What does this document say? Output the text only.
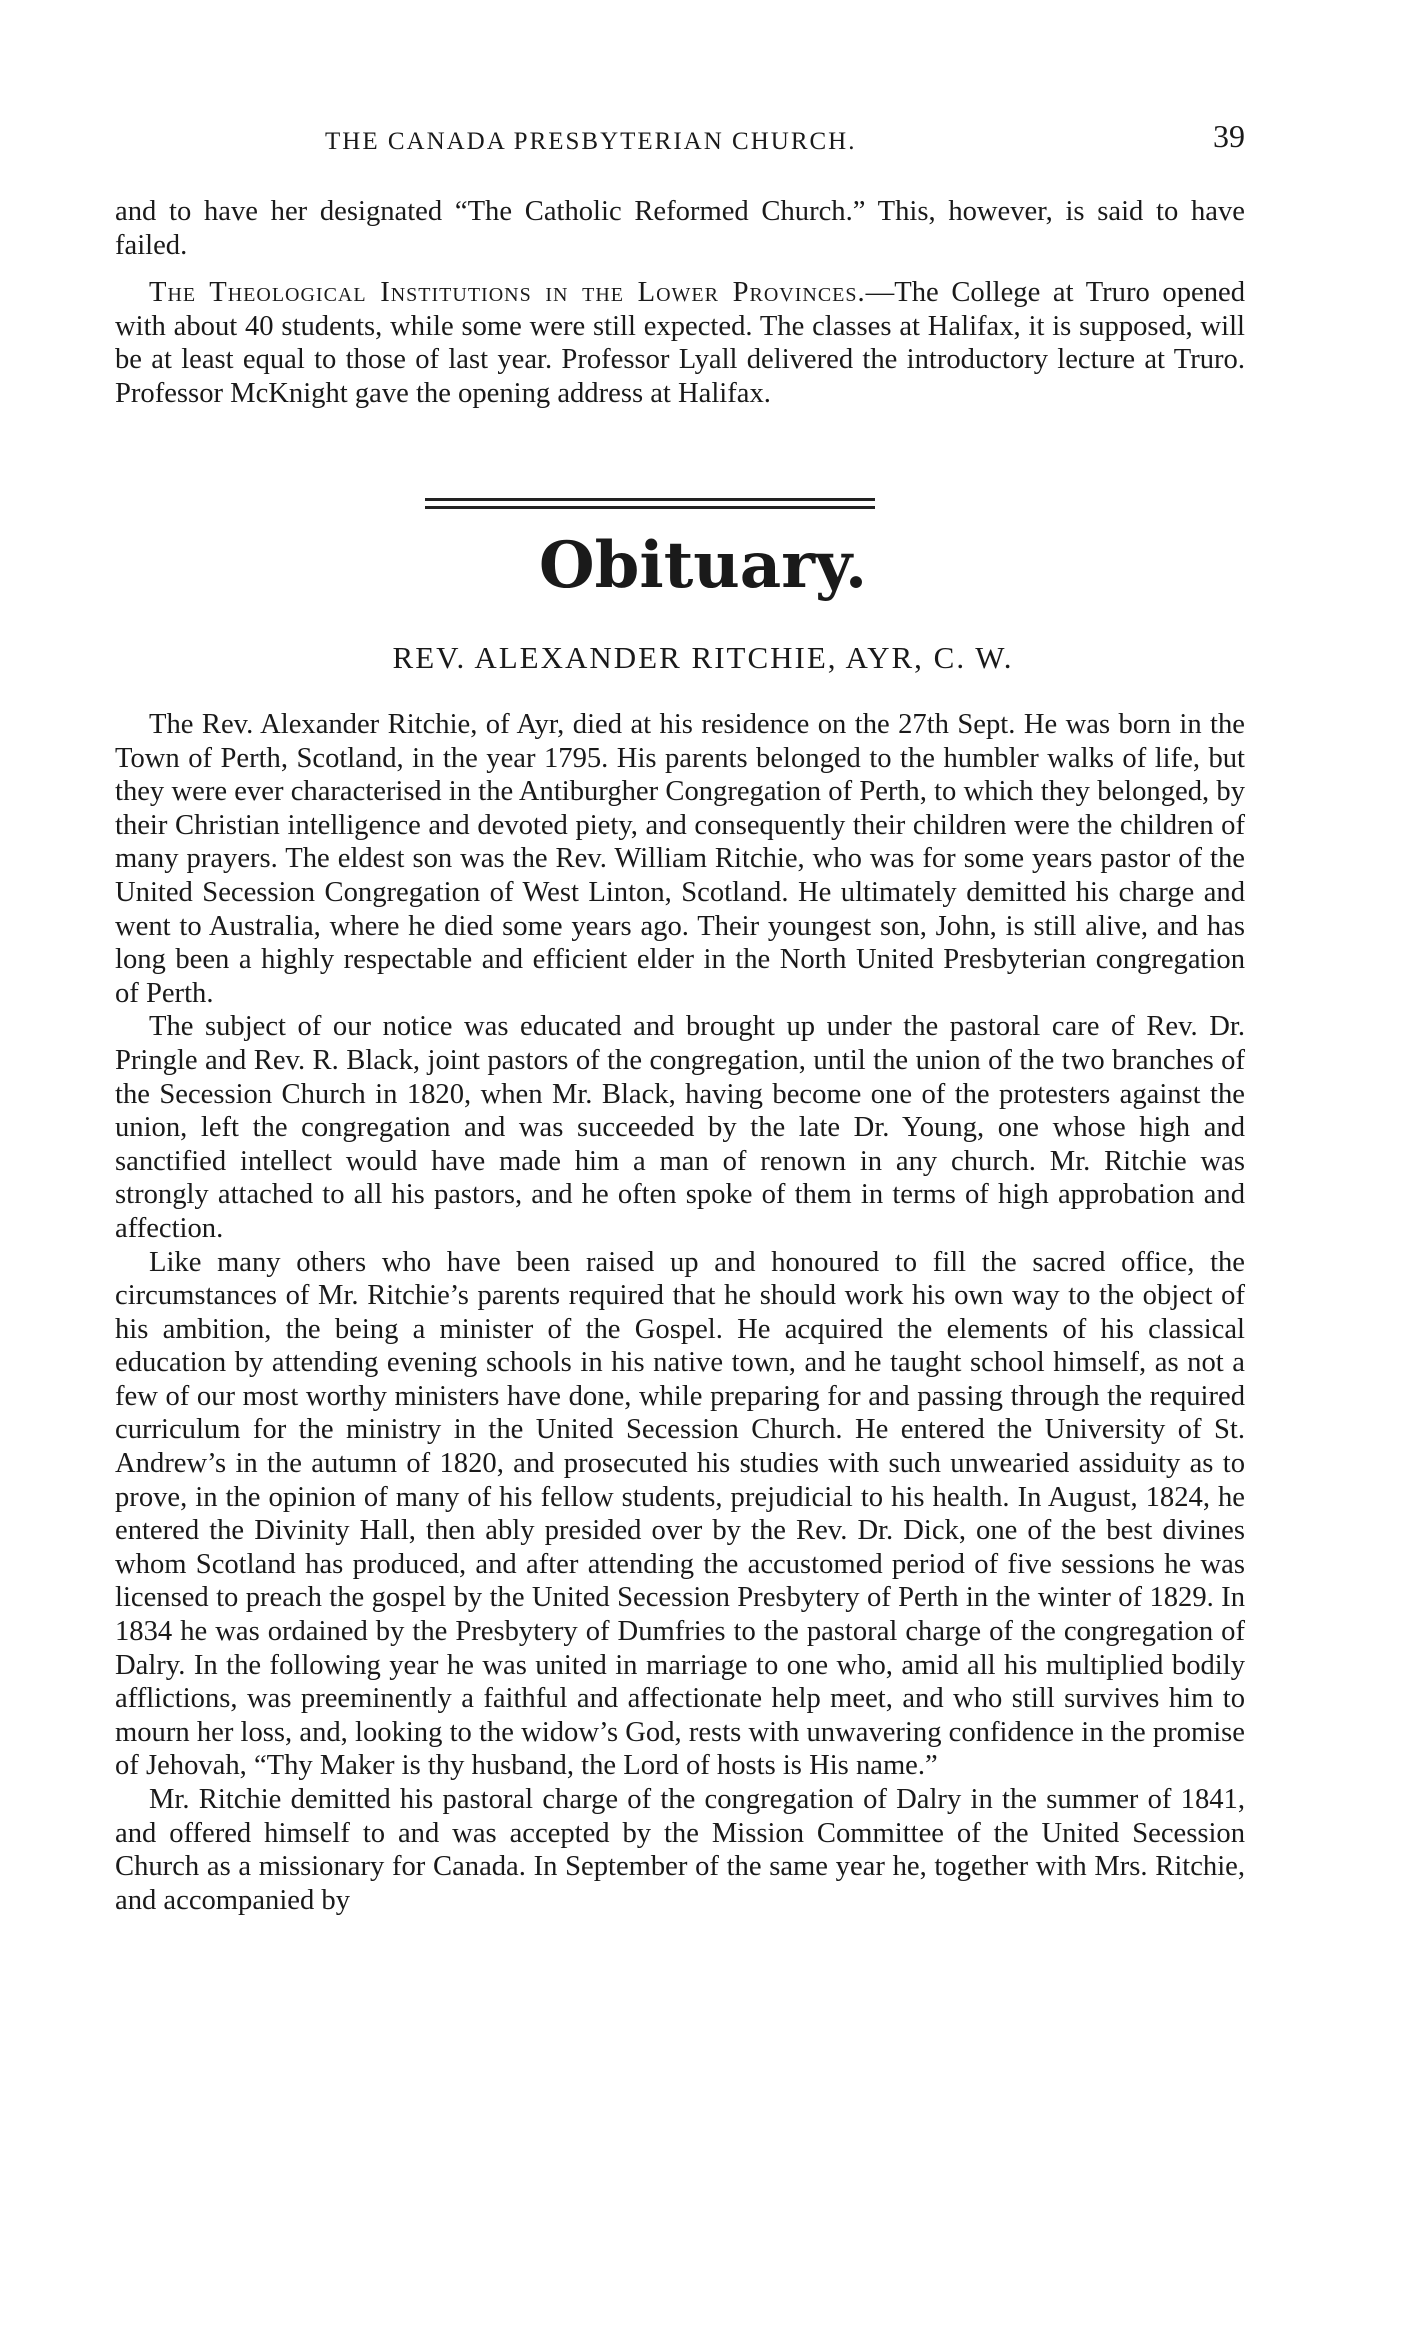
THE CANADA PRESBYTERIAN CHURCH.	39

and to have her designated “The Catholic Reformed Church.” This, however, is said to have failed.

The Theological Institutions in the Lower Provinces.—The College at Truro opened with about 40 students, while some were still expected. The classes at Halifax, it is supposed, will be at least equal to those of last year. Professor Lyall delivered the introductory lecture at Truro. Professor McKnight gave the opening address at Halifax.

Obituary.
REV. ALEXANDER RITCHIE, AYR, C. W.

The Rev. Alexander Ritchie, of Ayr, died at his residence on the 27th Sept. He was born in the Town of Perth, Scotland, in the year 1795. His parents belonged to the humbler walks of life, but they were ever characterised in the Antiburgher Congregation of Perth, to which they belonged, by their Christian intelligence and devoted piety, and consequently their children were the children of many prayers. The eldest son was the Rev. William Ritchie, who was for some years pastor of the United Secession Congregation of West Linton, Scotland. He ultimately demitted his charge and went to Australia, where he died some years ago. Their youngest son, John, is still alive, and has long been a highly respectable and efficient elder in the North United Presbyterian congregation of Perth.

The subject of our notice was educated and brought up under the pastoral care of Rev. Dr. Pringle and Rev. R. Black, joint pastors of the congregation, until the union of the two branches of the Secession Church in 1820, when Mr. Black, having become one of the protesters against the union, left the congregation and was succeeded by the late Dr. Young, one whose high and sanctified intellect would have made him a man of renown in any church. Mr. Ritchie was strongly attached to all his pastors, and he often spoke of them in terms of high approbation and affection.

Like many others who have been raised up and honoured to fill the sacred office, the circumstances of Mr. Ritchie’s parents required that he should work his own way to the object of his ambition, the being a minister of the Gospel. He acquired the elements of his classical education by attending evening schools in his native town, and he taught school himself, as not a few of our most worthy ministers have done, while preparing for and passing through the required curriculum for the ministry in the United Secession Church. He entered the University of St. Andrew’s in the autumn of 1820, and prosecuted his studies with such unwearied assiduity as to prove, in the opinion of many of his fellow students, prejudicial to his health. In August, 1824, he entered the Divinity Hall, then ably presided over by the Rev. Dr. Dick, one of the best divines whom Scotland has produced, and after attending the accustomed period of five sessions he was licensed to preach the gospel by the United Secession Presbytery of Perth in the winter of 1829. In 1834 he was ordained by the Presbytery of Dumfries to the pastoral charge of the congregation of Dalry. In the following year he was united in marriage to one who, amid all his multiplied bodily afflictions, was preeminently a faithful and affectionate help meet, and who still survives him to mourn her loss, and, looking to the widow’s God, rests with unwavering confidence in the promise of Jehovah, “Thy Maker is thy husband, the Lord of hosts is His name.”

Mr. Ritchie demitted his pastoral charge of the congregation of Dalry in the summer of 1841, and offered himself to and was accepted by the Mission Committee of the United Secession Church as a missionary for Canada. In September of the same year he, together with Mrs. Ritchie, and accompanied by
